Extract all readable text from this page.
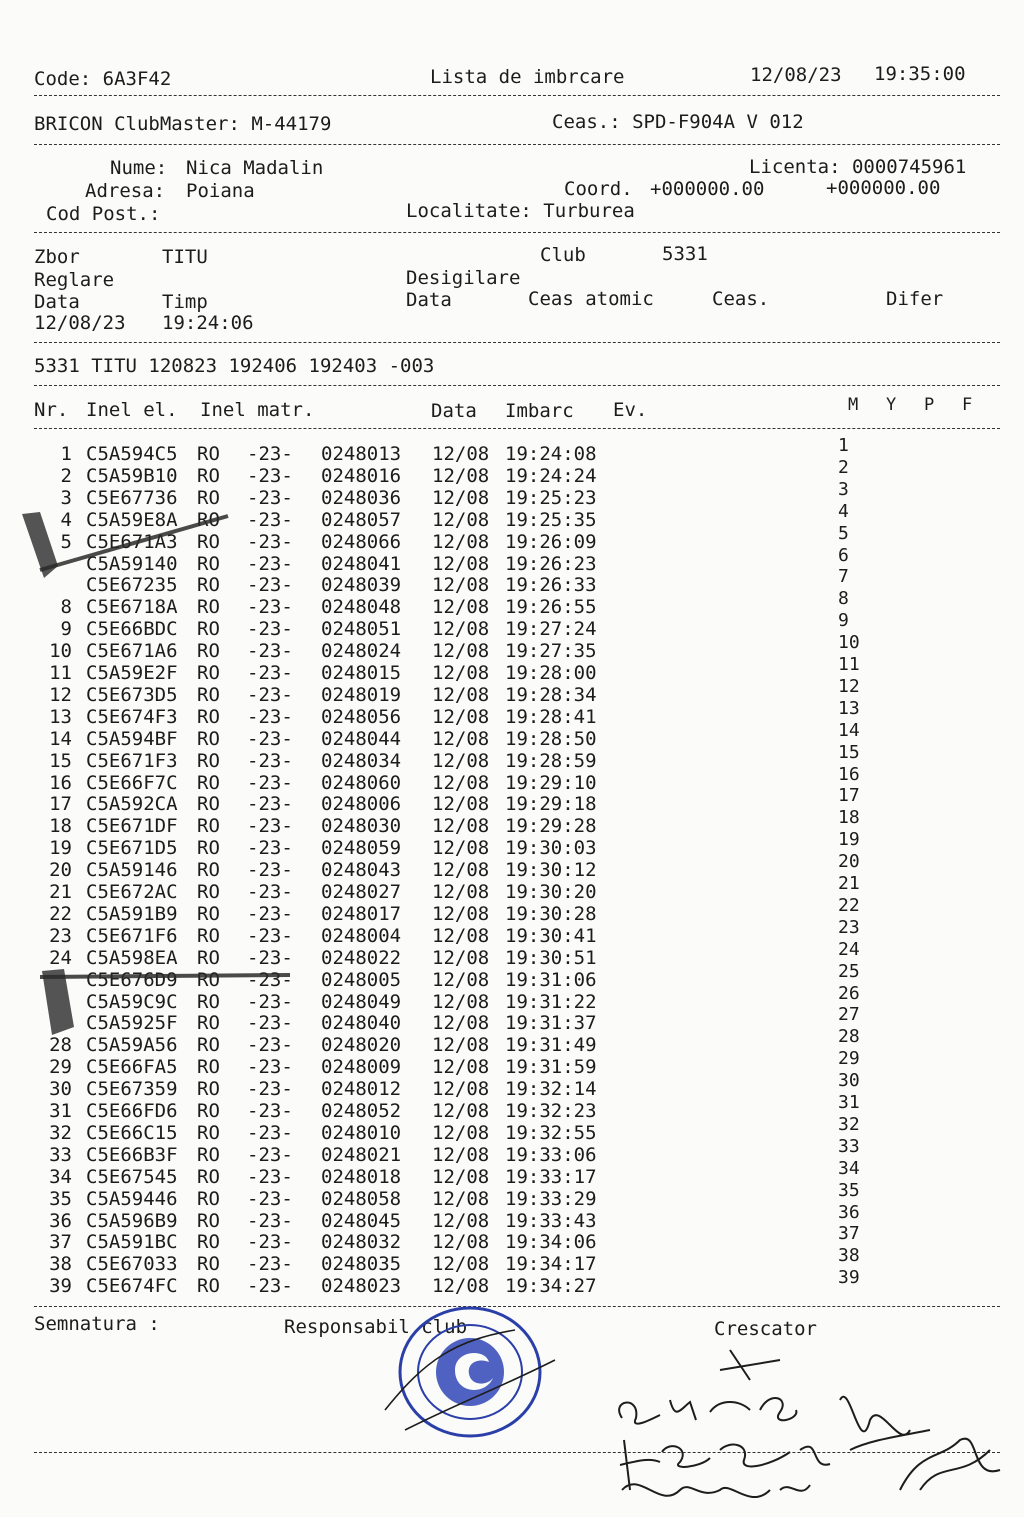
Code: 6A3F42	Lista de imbrcare	12/08/23 19:35:00
BRICON ClubMaster: M-44179	Ceas.: SPD-F904A V 012
Nume: Nica Madalin
Adresa: Poiana
Cod Post.:
Licenta: 0000745961
Coord. +000000.00	+000000.00
Localitate: Turburea
Zbor	TITU	Club	5331
Reglare	Desigilare
Data	Timp	Data	Ceas atomic	Ceas.	Difer
12/08/23 19:24:06
5331 TITU 120823 192406 192403 -003
Nr. Inel el. Inel matr.	Data Imbarc Ev.	M Y P F
1 C5A594C5 RO -23- 0248013 12/08 19:24:08	1
2 C5A59B10 RO -23- 0248016 12/08 19:24:24	2
3 C5E67736 RO -23- 0248036 12/08 19:25:23	3
4 C5A59E8A RO -23- 0248057 12/08 19:25:35	4
5 C5E671A3 RO -23- 0248066 12/08 19:26:09	5
C5A59140 RO -23- 0248041 12/08 19:26:23	6
C5E67235 RO -23- 0248039 12/08 19:26:33	7
8 C5E6718A RO -23- 0248048 12/08 19:26:55	8
9 C5E66BDC RO -23- 0248051 12/08 19:27:24	9
10 C5E671A6 RO -23- 0248024 12/08 19:27:35	10
11 C5A59E2F RO -23- 0248015 12/08 19:28:00	11
12 C5E673D5 RO -23- 0248019 12/08 19:28:34	12
13 C5E674F3 RO -23- 0248056 12/08 19:28:41	13
14 C5A594BF RO -23- 0248044 12/08 19:28:50	14
15 C5E671F3 RO -23- 0248034 12/08 19:28:59	15
16 C5E66F7C RO -23- 0248060 12/08 19:29:10	16
17 C5A592CA RO -23- 0248006 12/08 19:29:18	17
18 C5E671DF RO -23- 0248030 12/08 19:29:28	18
19 C5E671D5 RO -23- 0248059 12/08 19:30:03	19
20 C5A59146 RO -23- 0248043 12/08 19:30:12	20
21 C5E672AC RO -23- 0248027 12/08 19:30:20	21
22 C5A591B9 RO -23- 0248017 12/08 19:30:28	22
23 C5E671F6 RO -23- 0248004 12/08 19:30:41	23
24 C5A598EA RO -23- 0248022 12/08 19:30:51	24
C5E676D9 RO -23- 0248005 12/08 19:31:06	25
C5A59C9C RO -23- 0248049 12/08 19:31:22	26
C5A5925F RO -23- 0248040 12/08 19:31:37	27
28 C5A59A56 RO -23- 0248020 12/08 19:31:49	28
29 C5E66FA5 RO -23- 0248009 12/08 19:31:59	29
30 C5E67359 RO -23- 0248012 12/08 19:32:14	30
31 C5E66FD6 RO -23- 0248052 12/08 19:32:23	31
32 C5E66C15 RO -23- 0248010 12/08 19:32:55	32
33 C5E66B3F RO -23- 0248021 12/08 19:33:06	33
34 C5E67545 RO -23- 0248018 12/08 19:33:17	34
35 C5A59446 RO -23- 0248058 12/08 19:33:29	35
36 C5A596B9 RO -23- 0248045 12/08 19:33:43	36
37 C5A591BC RO -23- 0248032 12/08 19:34:06	37
38 C5E67033 RO -23- 0248035 12/08 19:34:17	38
39 C5E674FC RO -23- 0248023 12/08 19:34:27	39
Semnatura :	Responsabil club	Crescator
